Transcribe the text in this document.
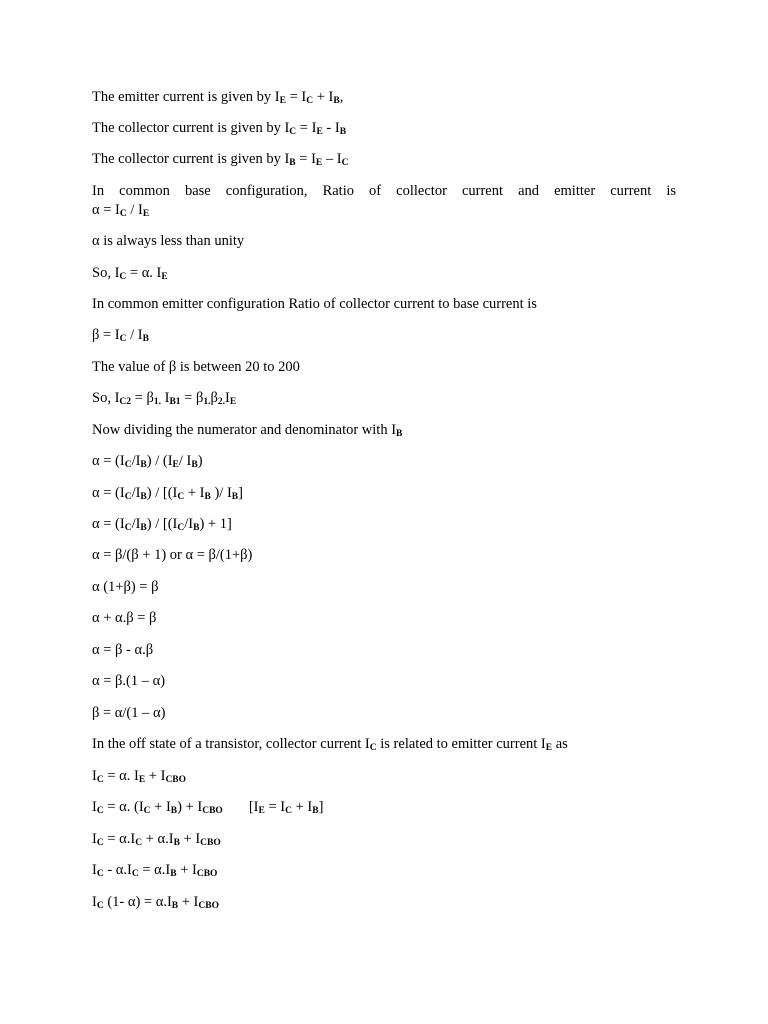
The emitter current is given by $I_E = I_C + I_B$,
The collector current is given by $I_C = I_E - I_B$
The collector current is given by $I_B = I_E - I_C$
In common base configuration, Ratio of collector current and emitter current is
$\alpha = I_C / I_E$
α is always less than unity
So, $I_C = \alpha$. $I_E$
In common emitter configuration Ratio of collector current to base current is
$\beta = I_C / I_B$
The value of β is between 20 to 200
So, $I_{C2} = \beta_{1.}$ $I_{B1} = \beta_{1.}\beta_{2.}I_E$
Now dividing the numerator and denominator with $I_B$
$\alpha = (I_C/I_B) / (I_E/$ $I_B$)
$\alpha = (I_C/I_B) / [(I_C + I_B$ )/ $I_B$]
$\alpha = (I_C/I_B) / [(I_C/I_B) + 1]$
α = β/(β + 1) or α = β/(1+β)
α (1+β) = β
α + α.β = β
α = β - α.β
α = β.(1 – α)
β = α/(1 – α)
In the off state of a transistor, collector current $I_C$ is related to emitter current $I_E$ as
$I_C = \alpha$. $I_E + I_{CBO}$
$I_C = \alpha$. $(I_C + I_B) + I_{CBO}$ $[I_E = I_C + I_B]$
$I_C = \alpha.I_C + \alpha.I_B + I_{CBO}$
$I_C - \alpha.I_C = \alpha.I_B + I_{CBO}$
$I_C$ (1- $\alpha) = \alpha.I_B + I_{CBO}$
